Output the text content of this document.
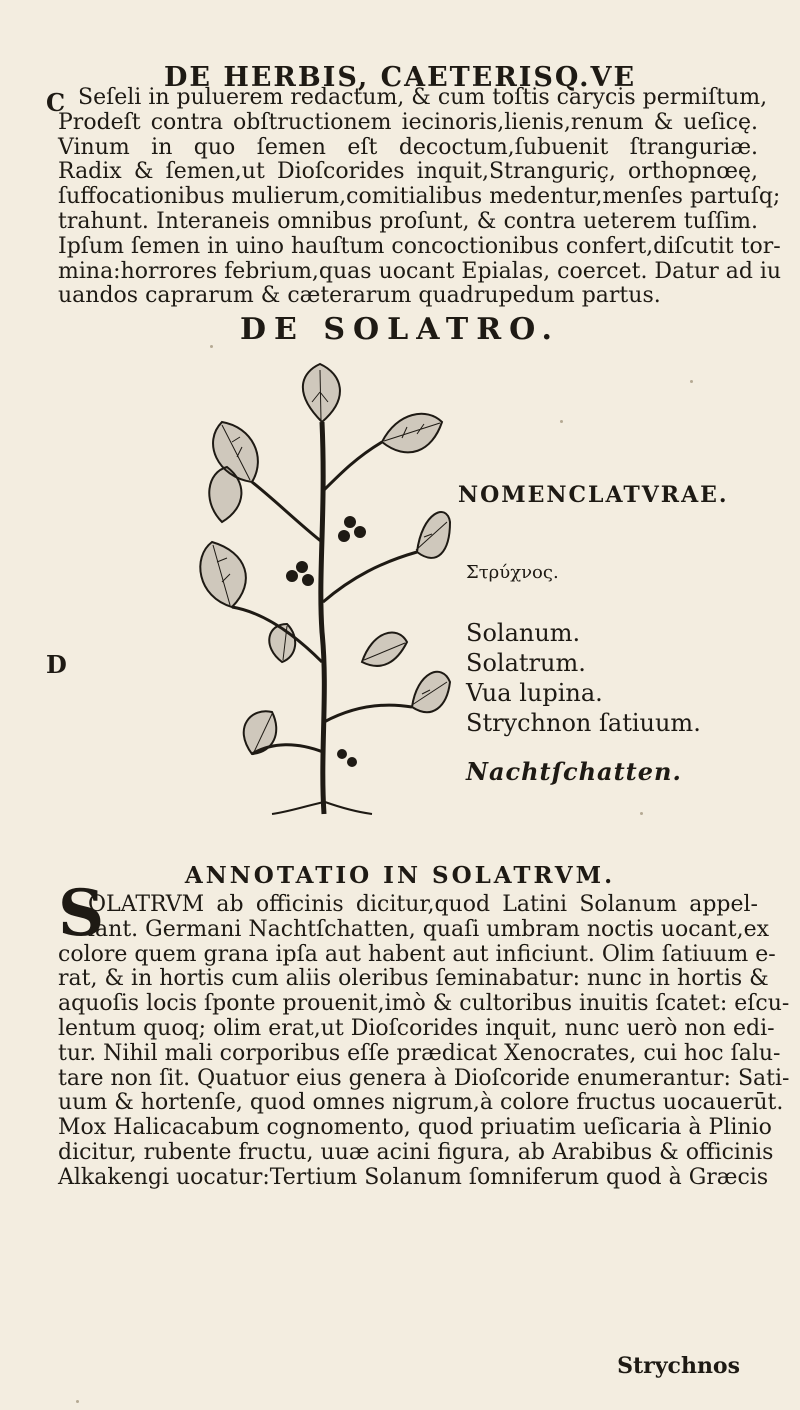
DE HERBIS, CAETERISQ.VE
C
D
Seſeli in puluerem redactum, & cum toſtis carycis permiſtum,
Prodeſt contra obſtructionem iecinoris,lienis,renum & ueſicę.
Vinum in quo ſemen eſt decoctum,ſubuenit ſtranguriæ.
Radix & ſemen,ut Dioſcorides inquit,Stranguriç, orthopnœę,
ſuffocationibus mulierum,comitialibus medentur,menſes partuſq;
trahunt. Interaneis omnibus proſunt, & contra ueterem tuſſim.
Ipſum ſemen in uino hauſtum concoctionibus confert,diſcutit tor-
mina:horrores febrium,quas uocant Epialas, coercet. Datur ad iu
uandos caprarum & cæterarum quadrupedum partus.
DE SOLATRO.
NOMENCLATVRAE.
Στρύχνος.
Solanum.
Solatrum.
Vua lupina.
Strychnon ſatiuum.
Nachtſchatten.
ANNOTATIO IN SOLATRVM.
S
OLATRVM ab officinis dicitur,quod Latini Solanum appel-
lant. Germani Nachtſchatten, quaſi umbram noctis uocant,ex
colore quem grana ipſa aut habent aut inficiunt. Olim ſatiuum e-
rat, & in hortis cum aliis oleribus ſeminabatur: nunc in hortis &
aquoſis locis ſponte prouenit,imò & cultoribus inuitis ſcatet: eſcu-
lentum quoq; olim erat,ut Dioſcorides inquit, nunc uerò non edi-
tur. Nihil mali corporibus eſſe prædicat Xenocrates, cui hoc ſalu-
tare non ſit. Quatuor eius genera à Dioſcoride enumerantur: Sati-
uum & hortenſe, quod omnes nigrum,à colore fructus uocauerūt.
Mox Halicacabum cognomento, quod priuatim ueſicaria à Plinio
dicitur, rubente fructu, uuæ acini figura, ab Arabibus & officinis
Alkakengi uocatur:Tertium Solanum ſomniferum quod à Græcis
Strychnos
